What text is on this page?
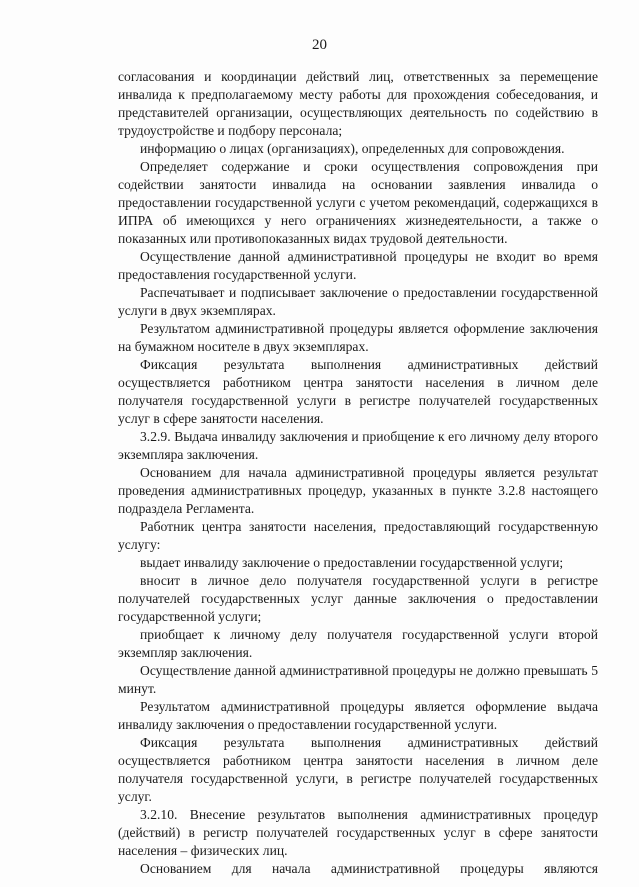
20

согласования и координации действий лиц, ответственных за перемещение инвалида к предполагаемому месту работы для прохождения собеседования, и представителей организации, осуществляющих деятельность по содействию в трудоустройстве и подбору персонала;

информацию о лицах (организациях), определенных для сопровождения.

Определяет содержание и сроки осуществления сопровождения при содействии занятости инвалида на основании заявления инвалида о предоставлении государственной услуги с учетом рекомендаций, содержащихся в ИПРА об имеющихся у него ограничениях жизнедеятельности, а также о показанных или противопоказанных видах трудовой деятельности.

Осуществление данной административной процедуры не входит во время предоставления государственной услуги.

Распечатывает и подписывает заключение о предоставлении государственной услуги в двух экземплярах.

Результатом административной процедуры является оформление заключения на бумажном носителе в двух экземплярах.

Фиксация результата выполнения административных действий осуществляется работником центра занятости населения в личном деле получателя государственной услуги в регистре получателей государственных услуг в сфере занятости населения.

3.2.9. Выдача инвалиду заключения и приобщение к его личному делу второго экземпляра заключения.

Основанием для начала административной процедуры является результат проведения административных процедур, указанных в пункте 3.2.8 настоящего подраздела Регламента.

Работник центра занятости населения, предоставляющий государственную услугу:

выдает инвалиду заключение о предоставлении государственной услуги;

вносит в личное дело получателя государственной услуги в регистре получателей государственных услуг данные заключения о предоставлении государственной услуги;

приобщает к личному делу получателя государственной услуги второй экземпляр заключения.

Осуществление данной административной процедуры не должно превышать 5 минут.

Результатом административной процедуры является оформление выдача инвалиду заключения о предоставлении государственной услуги.

Фиксация результата выполнения административных действий осуществляется работником центра занятости населения в личном деле получателя государственной услуги, в регистре получателей государственных услуг.

3.2.10. Внесение результатов выполнения административных процедур (действий) в регистр получателей государственных услуг в сфере занятости населения – физических лиц.

Основанием для начала административной процедуры являются
